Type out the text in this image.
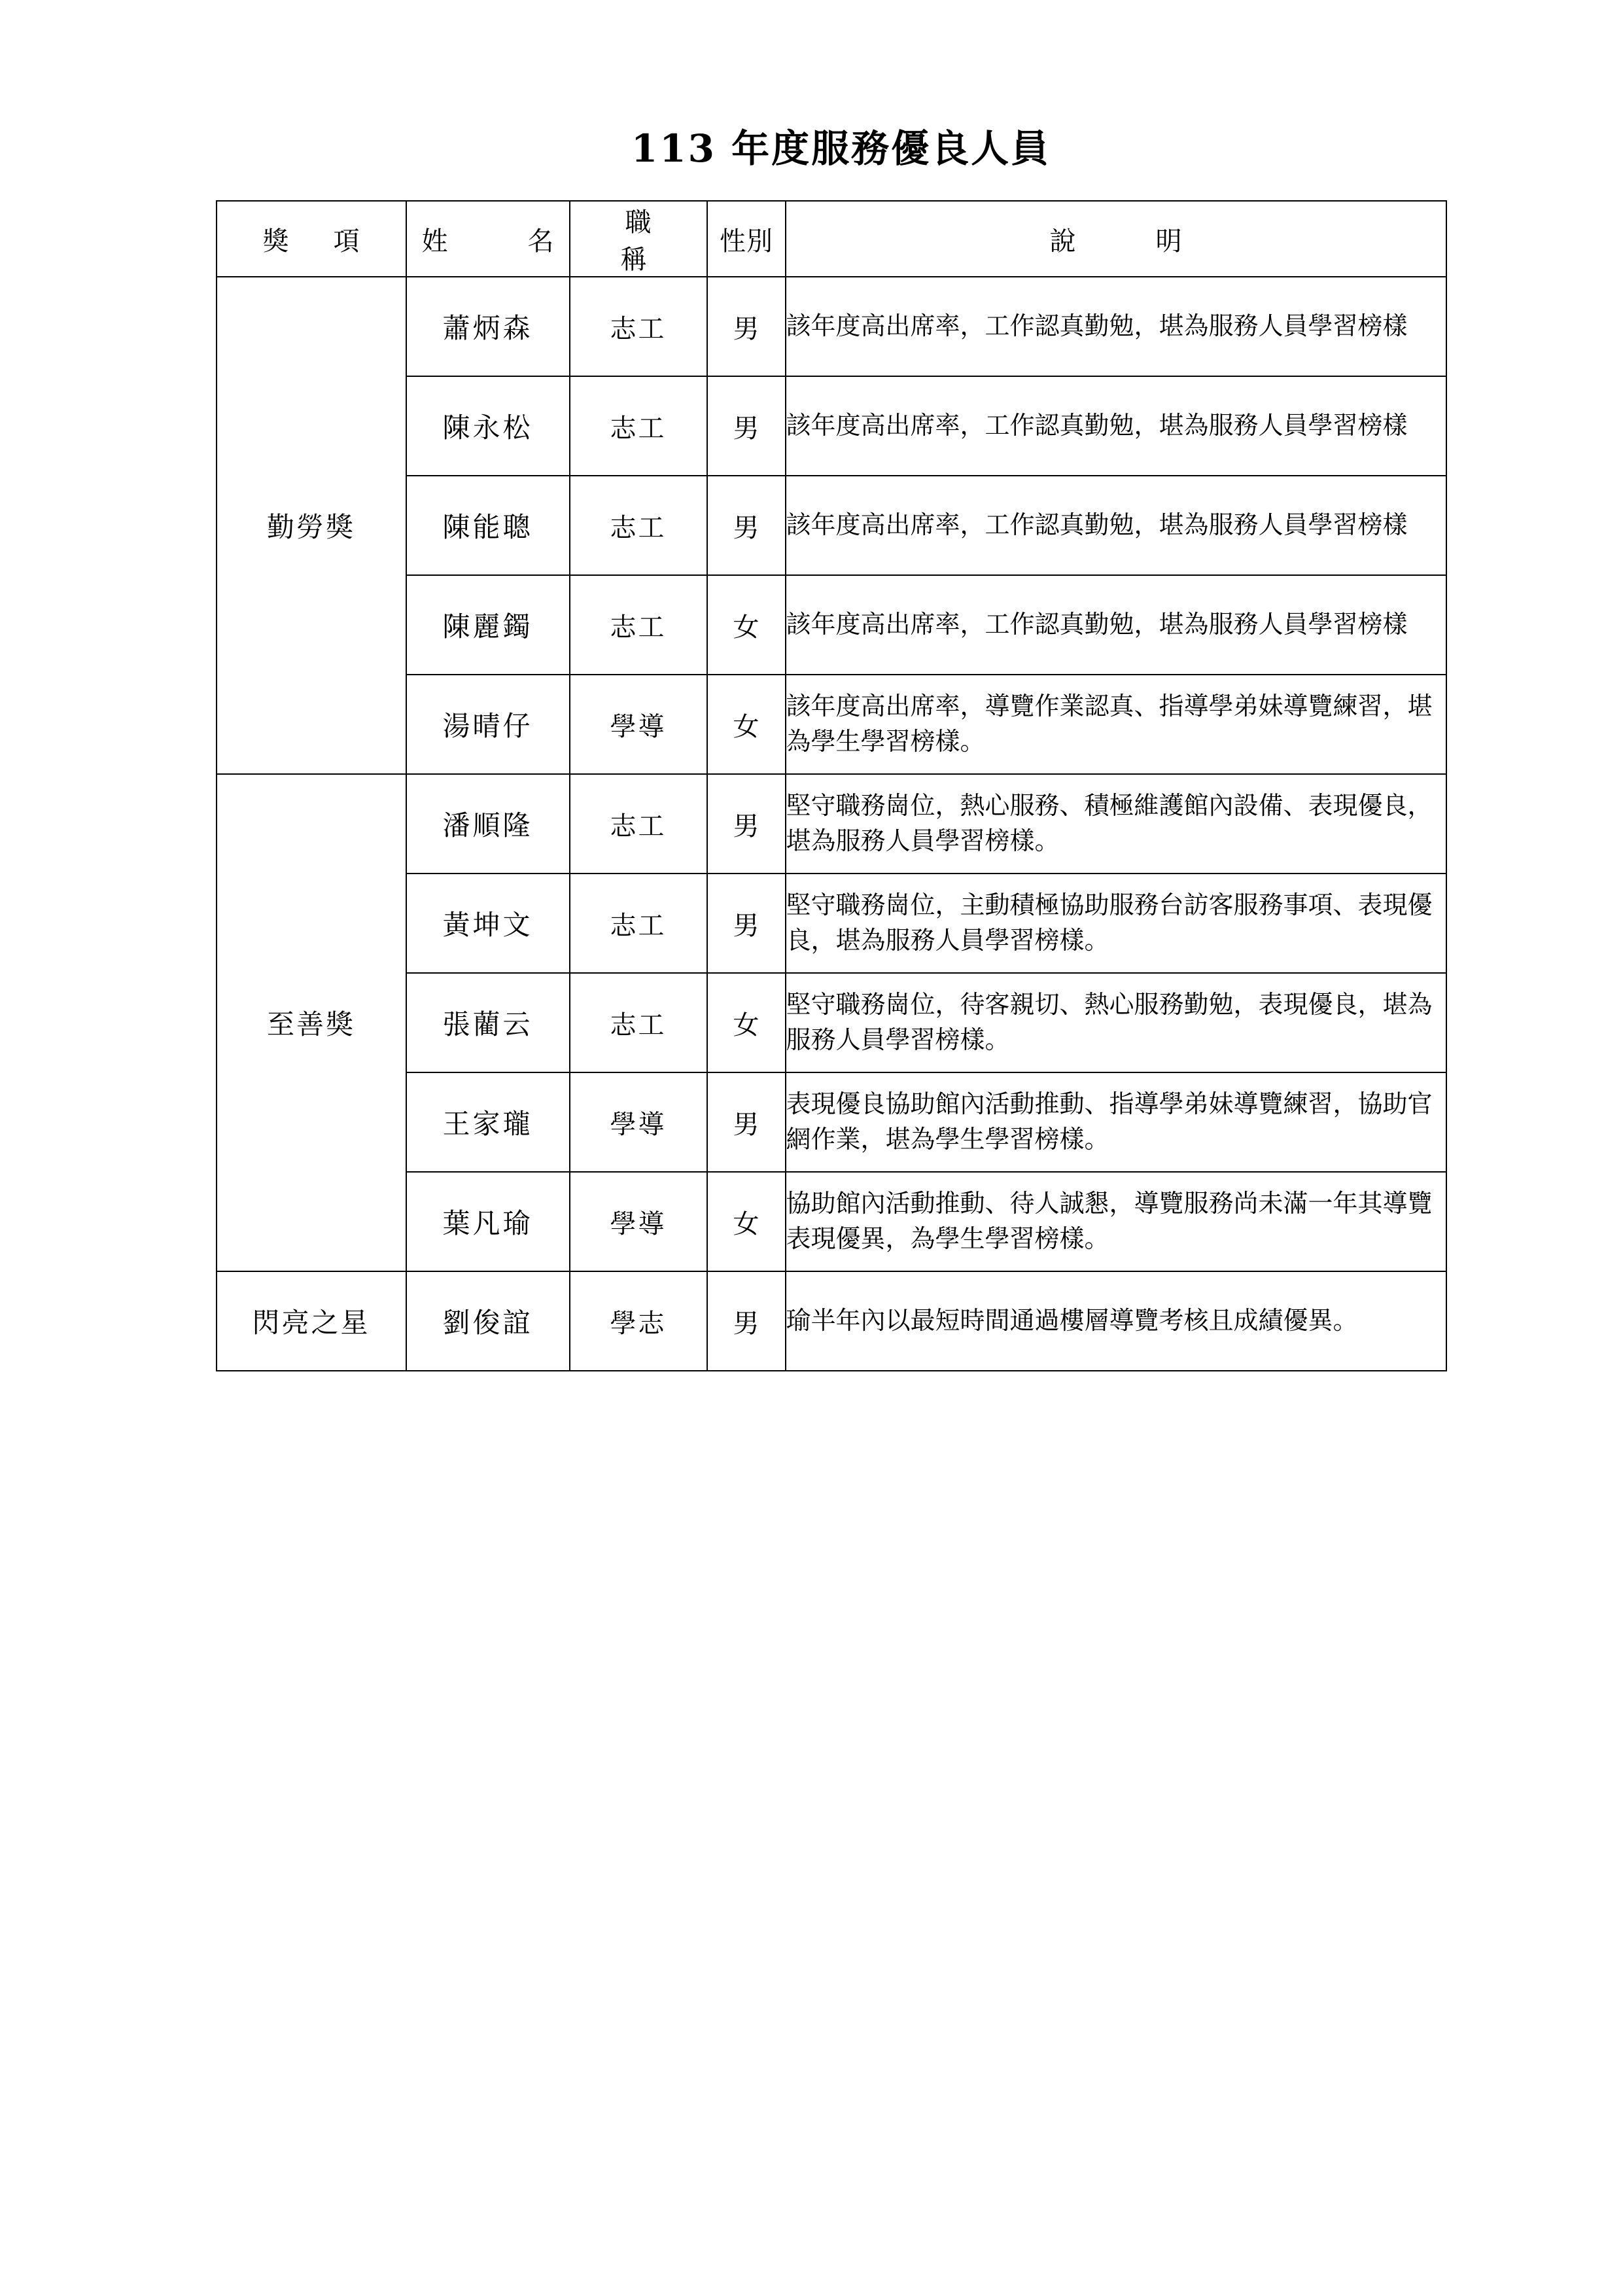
113 年度服務優良人員
獎　項	姓　　名	職　　稱	性別	說　　明
勤勞獎	蕭炳森	志工	男	該年度高出席率，工作認真勤勉，堪為服務人員學習榜樣
	陳永松	志工	男	該年度高出席率，工作認真勤勉，堪為服務人員學習榜樣
	陳能聰	志工	男	該年度高出席率，工作認真勤勉，堪為服務人員學習榜樣
	陳麗鐲	志工	女	該年度高出席率，工作認真勤勉，堪為服務人員學習榜樣
	湯晴仔	學導	女	該年度高出席率，導覽作業認真、指導學弟妹導覽練習，堪為學生學習榜樣。
至善獎	潘順隆	志工	男	堅守職務崗位，熱心服務、積極維護館內設備、表現優良，堪為服務人員學習榜樣。
	黃坤文	志工	男	堅守職務崗位，主動積極協助服務台訪客服務事項、表現優良，堪為服務人員學習榜樣。
	張藺云	志工	女	堅守職務崗位，待客親切、熱心服務勤勉，表現優良，堪為服務人員學習榜樣。
	王家瓏	學導	男	表現優良協助館內活動推動、指導學弟妹導覽練習，協助官網作業，堪為學生學習榜樣。
	葉凡瑜	學導	女	協助館內活動推動、待人誠懇，導覽服務尚未滿一年其導覽表現優異，為學生學習榜樣。
閃亮之星	劉俊誼	學志	男	瑜半年內以最短時間通過樓層導覽考核且成績優異。
